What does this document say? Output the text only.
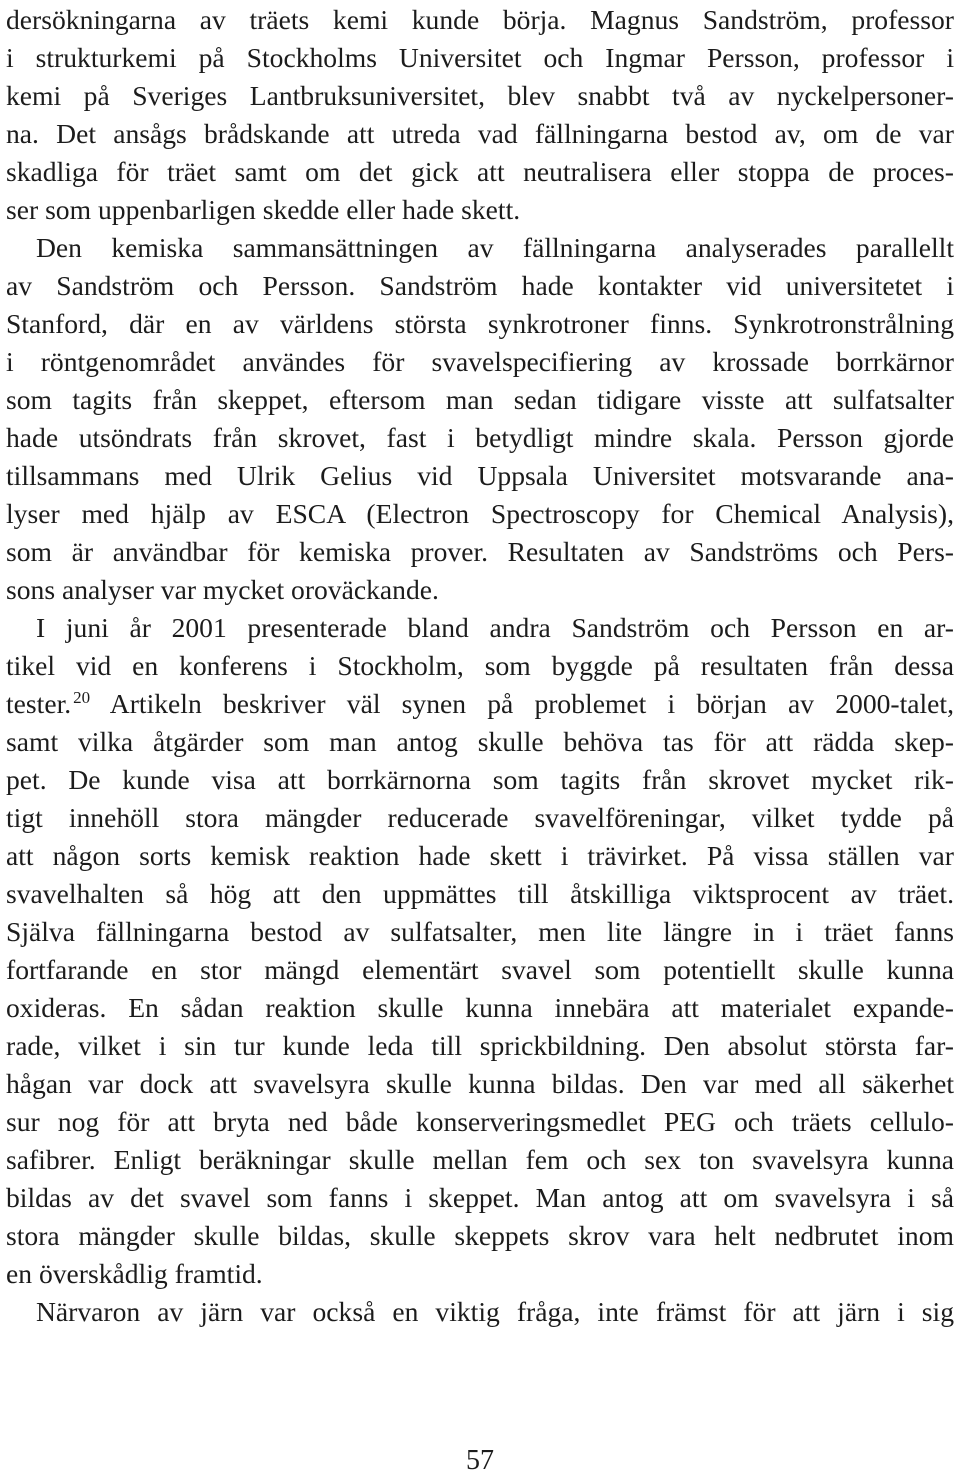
dersökningarna av träets kemi kunde börja. Magnus Sandström, professor
i strukturkemi på Stockholms Universitet och Ingmar Persson, professor i
kemi på Sveriges Lantbruksuniversitet, blev snabbt två av nyckelpersoner-
na. Det ansågs brådskande att utreda vad fällningarna bestod av, om de var
skadliga för träet samt om det gick att neutralisera eller stoppa de proces-
ser som uppenbarligen skedde eller hade skett.
Den kemiska sammansättningen av fällningarna analyserades parallellt
av Sandström och Persson. Sandström hade kontakter vid universitetet i
Stanford, där en av världens största synkrotroner finns. Synkrotronstrålning
i röntgenområdet användes för svavelspecifiering av krossade borrkärnor
som tagits från skeppet, eftersom man sedan tidigare visste att sulfatsalter
hade utsöndrats från skrovet, fast i betydligt mindre skala. Persson gjorde
tillsammans med Ulrik Gelius vid Uppsala Universitet motsvarande ana-
lyser med hjälp av ESCA (Electron Spectroscopy for Chemical Analysis),
som är användbar för kemiska prover. Resultaten av Sandströms och Pers-
sons analyser var mycket oroväckande.
I juni år 2001 presenterade bland andra Sandström och Persson en ar-
tikel vid en konferens i Stockholm, som byggde på resultaten från dessa
tester. $^{20}$ Artikeln beskriver väl synen på problemet i början av 2000-talet,
samt vilka åtgärder som man antog skulle behöva tas för att rädda skep-
pet. De kunde visa att borrkärnorna som tagits från skrovet mycket rik-
tigt innehöll stora mängder reducerade svavelföreningar, vilket tydde på
att någon sorts kemisk reaktion hade skett i trävirket. På vissa ställen var
svavelhalten så hög att den uppmättes till åtskilliga viktsprocent av träet.
Själva fällningarna bestod av sulfatsalter, men lite längre in i träet fanns
fortfarande en stor mängd elementärt svavel som potentiellt skulle kunna
oxideras. En sådan reaktion skulle kunna innebära att materialet expande-
rade, vilket i sin tur kunde leda till sprickbildning. Den absolut största far-
hågan var dock att svavelsyra skulle kunna bildas. Den var med all säkerhet
sur nog för att bryta ned både konserveringsmedlet PEG och träets cellulo-
safibrer. Enligt beräkningar skulle mellan fem och sex ton svavelsyra kunna
bildas av det svavel som fanns i skeppet. Man antog att om svavelsyra i så
stora mängder skulle bildas, skulle skeppets skrov vara helt nedbrutet inom
en överskådlig framtid.
Närvaron av järn var också en viktig fråga, inte främst för att järn i sig
57
